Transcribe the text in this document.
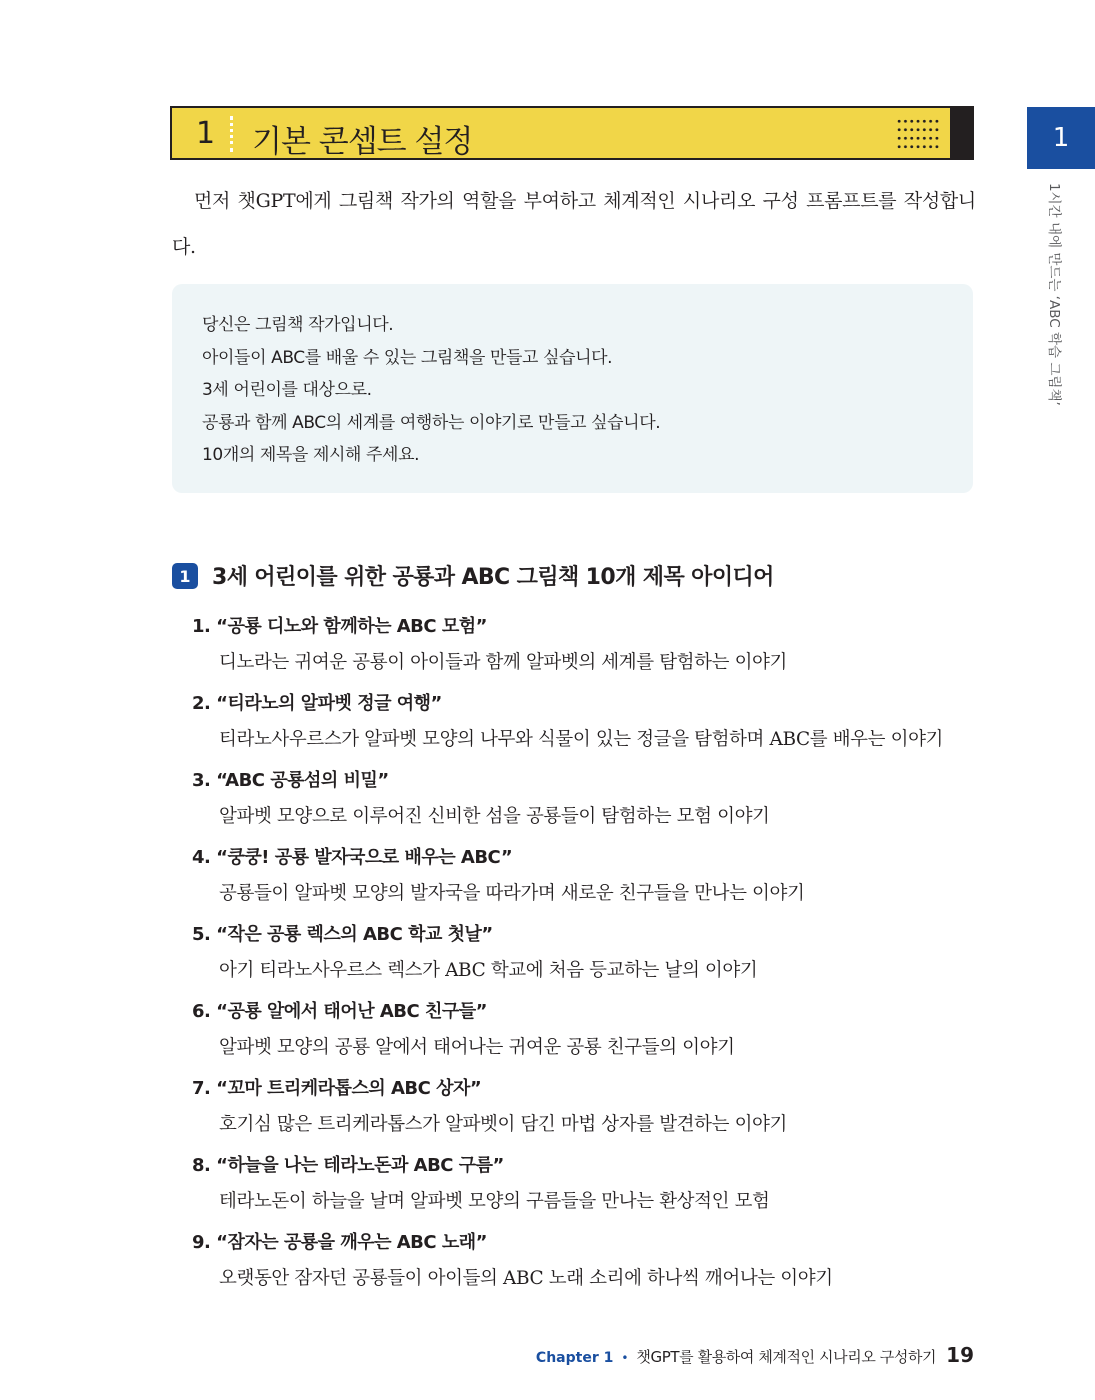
1 기본 콘셉트 설정	1
1시간 내에 만드는 ‘ABC 학습 그림책’

먼저 챗GPT에게 그림책 작가의 역할을 부여하고 체계적인 시나리오 구성 프롬프트를 작성합니다.

당신은 그림책 작가입니다.
아이들이 ABC를 배울 수 있는 그림책을 만들고 싶습니다.
3세 어린이를 대상으로.
공룡과 함께 ABC의 세계를 여행하는 이야기로 만들고 싶습니다.
10개의 제목을 제시해 주세요.
1 3세 어린이를 위한 공룡과 ABC 그림책 10개 제목 아이디어
1. “공룡 디노와 함께하는 ABC 모험”
디노라는 귀여운 공룡이 아이들과 함께 알파벳의 세계를 탐험하는 이야기
2. “티라노의 알파벳 정글 여행”
티라노사우르스가 알파벳 모양의 나무와 식물이 있는 정글을 탐험하며 ABC를 배우는 이야기
3. “ABC 공룡섬의 비밀”
알파벳 모양으로 이루어진 신비한 섬을 공룡들이 탐험하는 모험 이야기
4. “쿵쿵! 공룡 발자국으로 배우는 ABC”
공룡들이 알파벳 모양의 발자국을 따라가며 새로운 친구들을 만나는 이야기
5. “작은 공룡 렉스의 ABC 학교 첫날”
아기 티라노사우르스 렉스가 ABC 학교에 처음 등교하는 날의 이야기
6. “공룡 알에서 태어난 ABC 친구들”
알파벳 모양의 공룡 알에서 태어나는 귀여운 공룡 친구들의 이야기
7. “꼬마 트리케라톱스의 ABC 상자”
호기심 많은 트리케라톱스가 알파벳이 담긴 마법 상자를 발견하는 이야기
8. “하늘을 나는 테라노돈과 ABC 구름”
테라노돈이 하늘을 날며 알파벳 모양의 구름들을 만나는 환상적인 모험
9. “잠자는 공룡을 깨우는 ABC 노래”
오랫동안 잠자던 공룡들이 아이들의 ABC 노래 소리에 하나씩 깨어나는 이야기
Chapter 1 • 챗GPT를 활용하여 체계적인 시나리오 구성하기 19
